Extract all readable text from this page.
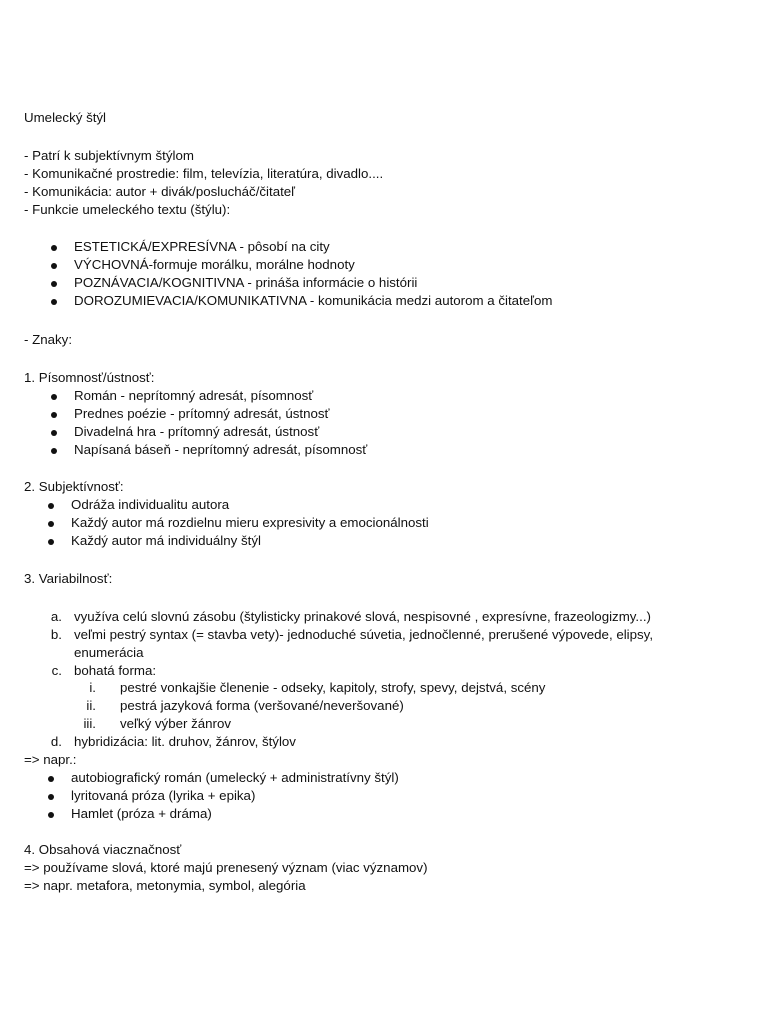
Umelecký štýl
- Patrí k subjektívnym štýlom
- Komunikačné prostredie: film, televízia, literatúra, divadlo....
- Komunikácia: autor + divák/poslucháč/čitateľ
- Funkcie umeleckého textu (štýlu):
ESTETICKÁ/EXPRESÍVNA - pôsobí na city
VÝCHOVNÁ-formuje morálku, morálne hodnoty
POZNÁVACIA/KOGNITIVNA - prináša informácie o histórii
DOROZUMIEVACIA/KOMUNIKATIVNA - komunikácia medzi autorom a čitateľom
- Znaky:
1. Písomnosť/ústnosť:
Román - neprítomný adresát, písomnosť
Prednes poézie - prítomný adresát, ústnosť
Divadelná hra - prítomný adresát, ústnosť
Napísaná báseň - neprítomný adresát, písomnosť
2. Subjektívnosť:
Odráža individualitu autora
Každý autor má rozdielnu mieru expresivity a emocionálnosti
Každý autor má individuálny štýl
3. Variabilnosť:
a. využíva celú slovnú zásobu (štylisticky prinakové slová, nespisovné , expresívne, frazeologizmy...)
b. veľmi pestrý syntax (= stavba vety)- jednoduché súvetia, jednočlenné, prerušené výpovede, elipsy,
enumerácia
c. bohatá forma:
i. pestré vonkajšie členenie - odseky, kapitoly, strofy, spevy, dejstvá, scény
ii. pestrá jazyková forma (veršované/neveršované)
iii. veľký výber žánrov
d. hybridizácia: lit. druhov, žánrov, štýlov
=> napr.:
autobiografický román (umelecký + administratívny štýl)
lyritovaná próza (lyrika + epika)
Hamlet (próza + dráma)
4. Obsahová viacznačnosť
=> používame slová, ktoré majú prenesený význam (viac významov)
=> napr. metafora, metonymia, symbol, alegória
